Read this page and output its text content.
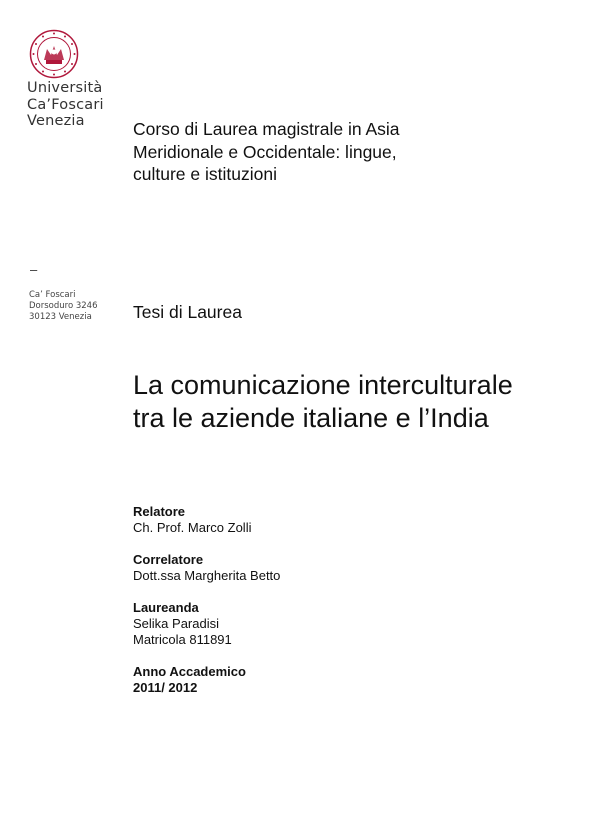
Università
Ca’Foscari
Venezia	Corso di Laurea magistrale in Asia
Meridionale e Occidentale: lingue,
culture e istituzioni
–
Ca’ Foscari
Dorsoduro 3246
30123 Venezia	Tesi di Laurea
La comunicazione interculturale
tra le aziende italiane e l’India
Relatore
Ch. Prof. Marco Zolli
Correlatore
Dott.ssa Margherita Betto
Laureanda
Selika Paradisi
Matricola 811891
Anno Accademico
2011/ 2012
